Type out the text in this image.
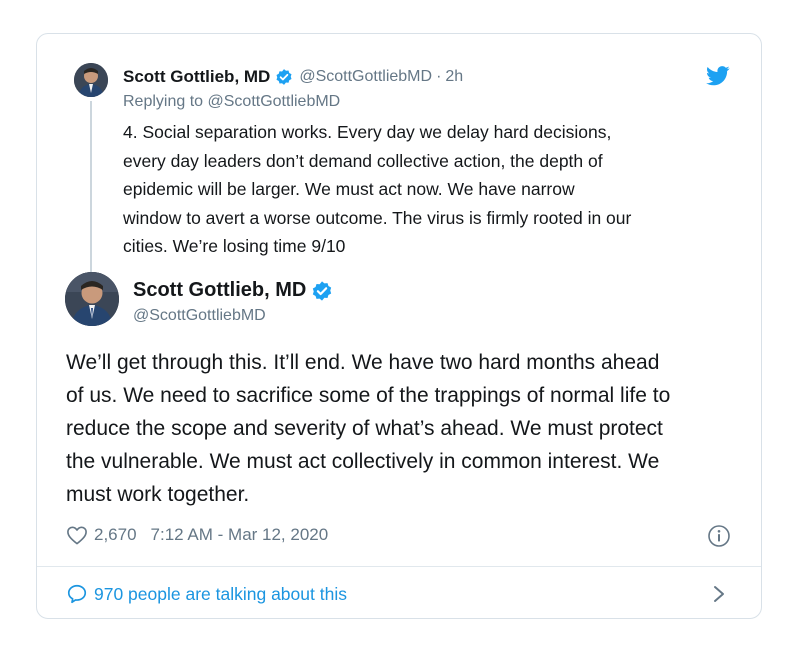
Scott Gottlieb, MD @ScottGottliebMD · 2h
Replying to @ScottGottliebMD
4. Social separation works. Every day we delay hard decisions,
every day leaders don’t demand collective action, the depth of
epidemic will be larger. We must act now. We have narrow
window to avert a worse outcome. The virus is firmly rooted in our
cities. We’re losing time 9/10
Scott Gottlieb, MD
@ScottGottliebMD
We’ll get through this. It’ll end. We have two hard months ahead
of us. We need to sacrifice some of the trappings of normal life to
reduce the scope and severity of what’s ahead. We must protect
the vulnerable. We must act collectively in common interest. We
must work together.
2,670 7:12 AM - Mar 12, 2020
970 people are talking about this
